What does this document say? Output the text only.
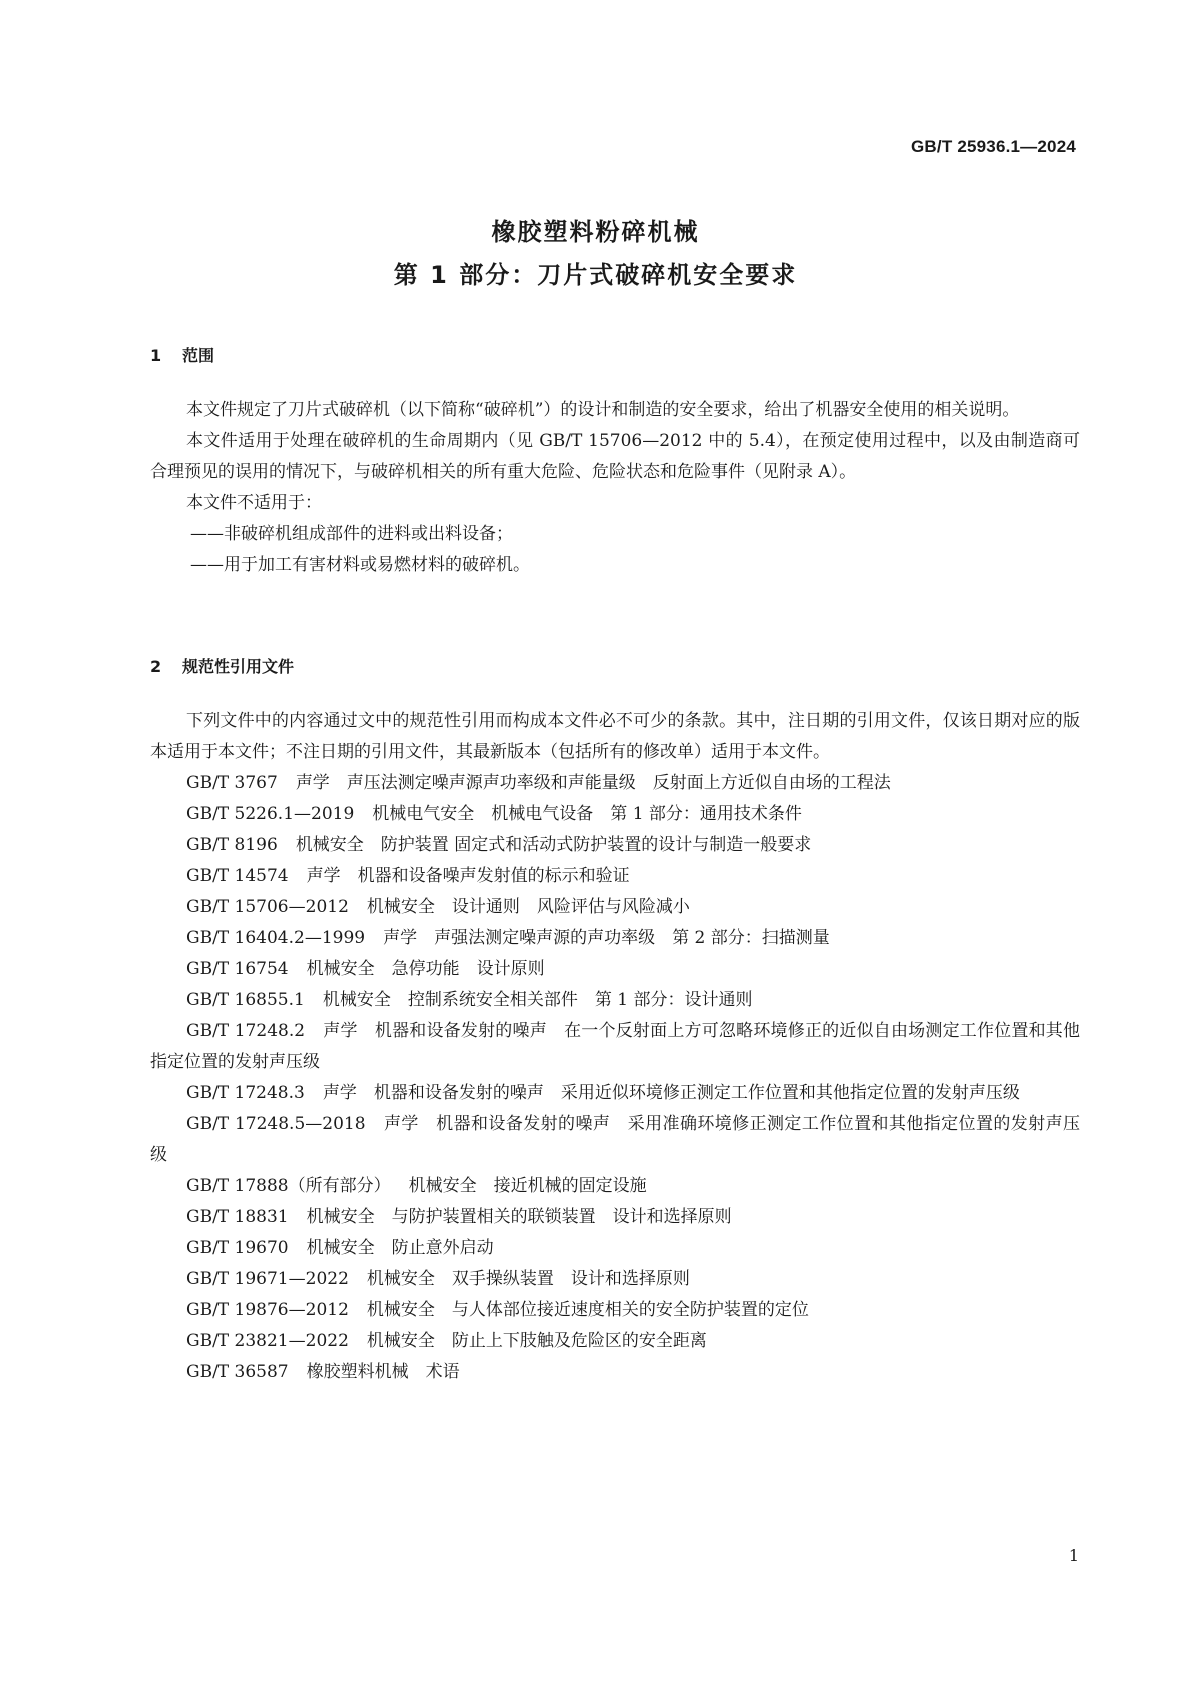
GB/T 25936.1—2024
橡胶塑料粉碎机械
第 1 部分：刀片式破碎机安全要求
1 范围

本文件规定了刀片式破碎机（以下简称“破碎机”）的设计和制造的安全要求，给出了机器安全使用的相关说明。

本文件适用于处理在破碎机的生命周期内（见 GB/T 15706—2012 中的 5.4），在预定使用过程中，以及由制造商可合理预见的误用的情况下，与破碎机相关的所有重大危险、危险状态和危险事件（见附录 A）。

本文件不适用于：

——非破碎机组成部件的进料或出料设备；

——用于加工有害材料或易燃材料的破碎机。

2 规范性引用文件

下列文件中的内容通过文中的规范性引用而构成本文件必不可少的条款。其中，注日期的引用文件，仅该日期对应的版本适用于本文件；不注日期的引用文件，其最新版本（包括所有的修改单）适用于本文件。

GB/T 3767 声学　声压法测定噪声源声功率级和声能量级　反射面上方近似自由场的工程法

GB/T 5226.1—2019 机械电气安全　机械电气设备　第 1 部分：通用技术条件

GB/T 8196 机械安全　防护装置 固定式和活动式防护装置的设计与制造一般要求

GB/T 14574 声学　机器和设备噪声发射值的标示和验证

GB/T 15706—2012 机械安全　设计通则　风险评估与风险减小

GB/T 16404.2—1999 声学　声强法测定噪声源的声功率级　第 2 部分：扫描测量

GB/T 16754 机械安全　急停功能　设计原则

GB/T 16855.1 机械安全　控制系统安全相关部件　第 1 部分：设计通则

GB/T 17248.2 声学　机器和设备发射的噪声　在一个反射面上方可忽略环境修正的近似自由场测定工作位置和其他指定位置的发射声压级

GB/T 17248.3 声学　机器和设备发射的噪声　采用近似环境修正测定工作位置和其他指定位置的发射声压级

GB/T 17248.5—2018 声学　机器和设备发射的噪声　采用准确环境修正测定工作位置和其他指定位置的发射声压级

GB/T 17888（所有部分） 机械安全　接近机械的固定设施

GB/T 18831 机械安全　与防护装置相关的联锁装置　设计和选择原则

GB/T 19670 机械安全　防止意外启动

GB/T 19671—2022 机械安全　双手操纵装置　设计和选择原则

GB/T 19876—2012 机械安全　与人体部位接近速度相关的安全防护装置的定位

GB/T 23821—2022 机械安全　防止上下肢触及危险区的安全距离

GB/T 36587 橡胶塑料机械　术语

1
